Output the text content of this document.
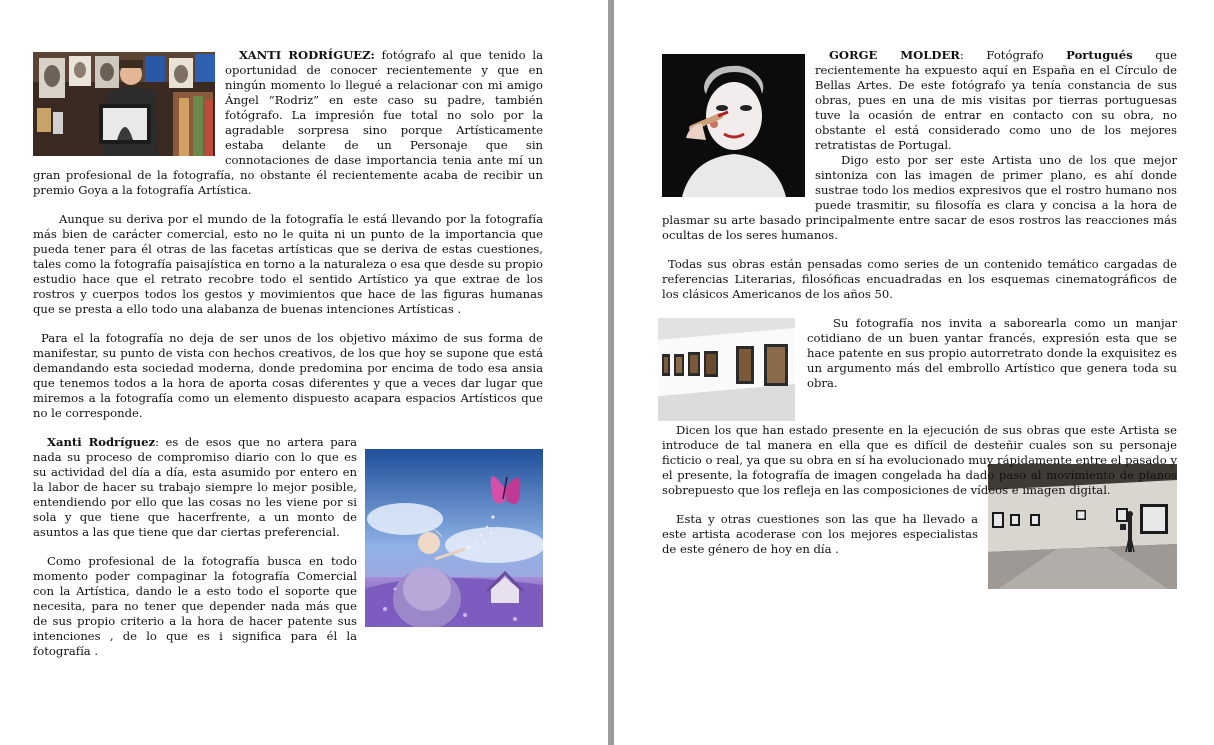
XANTI RODRÍGUEZ: fotógrafo al que tenido la oportunidad de conocer recientemente y que en ningún momento lo llegué a relacionar con mi amigo Ángel “Rodriz” en este caso su padre, también fotógrafo. La impresión fue total no solo por la agradable sorpresa sino porque Artísticamente estaba delante de un Personaje que sin connotaciones de dase importancia tenia ante mí un gran profesional de la fotografía, no obstante él recientemente acaba de recibir un premio Goya a la fotografía Artística.

Aunque su deriva por el mundo de la fotografía le está llevando por la fotografía más bien de carácter comercial, esto no le quita ni un punto de la importancia que pueda tener para él otras de las facetas artísticas que se deriva de estas cuestiones, tales como la fotografía paisajística en torno a la naturaleza o esa que desde su propio estudio hace que el retrato recobre todo el sentido Artístico ya que extrae de los rostros y cuerpos todos los gestos y movimientos que hace de las figuras humanas que se presta a ello todo una alabanza de buenas intenciones Artísticas .

Para el la fotografía no deja de ser unos de los objetivo máximo de sus forma de manifestar, su punto de vista con hechos creativos, de los que hoy se supone que está demandando esta sociedad moderna, donde predomina por encima de todo esa ansia que tenemos todos a la hora de aporta cosas diferentes y que a veces dar lugar que miremos a la fotografía como un elemento dispuesto acapara espacios Artísticos que no le corresponde.

Xanti Rodríguez: es de esos que no artera para nada su proceso de compromiso diario con lo que es su actividad del día a día, esta asumido por entero en la labor de hacer su trabajo siempre lo mejor posible, entendiendo por ello que las cosas no les viene por si sola y que tiene que hacerfrente, a un monto de asuntos a las que tiene que dar ciertas preferencial.

Como profesional de la fotografía busca en todo momento poder compaginar la fotografía Comercial con la Artística, dando le a esto todo el soporte que necesita, para no tener que depender nada más que de sus propio criterio a la hora de hacer patente sus intenciones , de lo que es i significa para él la fotografía .

GORGE MOLDER: Fotógrafo Portugués que recientemente ha expuesto aquí en España en el Círculo de Bellas Artes. De este fotógrafo ya tenía constancia de sus obras, pues en una de mis visitas por tierras portuguesas tuve la ocasión de entrar en contacto con su obra, no obstante el está considerado como uno de los mejores retratistas de Portugal.

Digo esto por ser este Artista uno de los que mejor sintoniza con las imagen de primer plano, es ahí donde sustrae todo los medios expresivos que el rostro humano nos puede trasmitir, su filosofía es clara y concisa a la hora de plasmar su arte basado principalmente entre sacar de esos rostros las reacciones más ocultas de los seres humanos.

Todas sus obras están pensadas como series de un contenido temático cargadas de referencias Literarias, filosóficas encuadradas en los esquemas cinematográficos de los clásicos Americanos de los años 50.

Su fotografía nos invita a saborearla como un manjar cotidiano de un buen yantar francés, expresión esta que se hace patente en sus propio autorretrato donde la exquisitez es un argumento más del embrollo Artístico que genera toda su obra.

Dicen los que han estado presente en la ejecución de sus obras que este Artista se introduce de tal manera en ella que es difícil de desteñir cuales son su personaje ficticio o real, ya que su obra en sí ha evolucionado muy rápidamente entre el pasado y el presente, la fotografía de imagen congelada ha dado paso al movimiento de planos sobrepuesto que los refleja en las composiciones de vídeos e imagen digital.

Esta y otras cuestiones son las que ha llevado a este artista acoderase con los mejores especialistas de este género de hoy en día .
